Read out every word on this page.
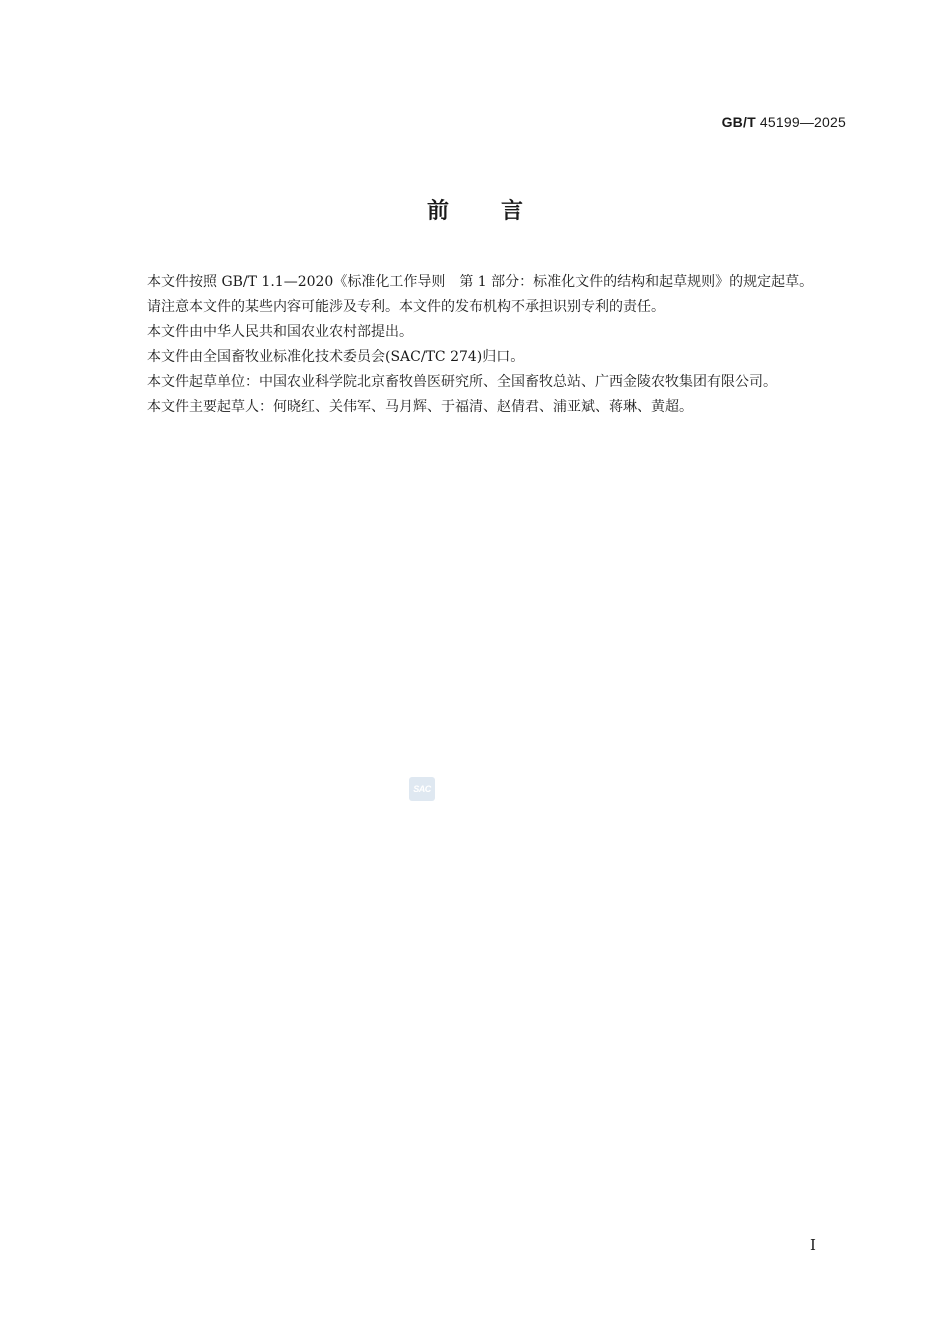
GB/T 45199—2025
前言

本文件按照 GB/T 1.1—2020《标准化工作导则　第 1 部分：标准化文件的结构和起草规则》的规定起草。

请注意本文件的某些内容可能涉及专利。本文件的发布机构不承担识别专利的责任。

本文件由中华人民共和国农业农村部提出。

本文件由全国畜牧业标准化技术委员会(SAC/TC 274)归口。

本文件起草单位：中国农业科学院北京畜牧兽医研究所、全国畜牧总站、广西金陵农牧集团有限公司。

本文件主要起草人：何晓红、关伟军、马月辉、于福清、赵倩君、浦亚斌、蒋琳、黄超。

SAC
I
